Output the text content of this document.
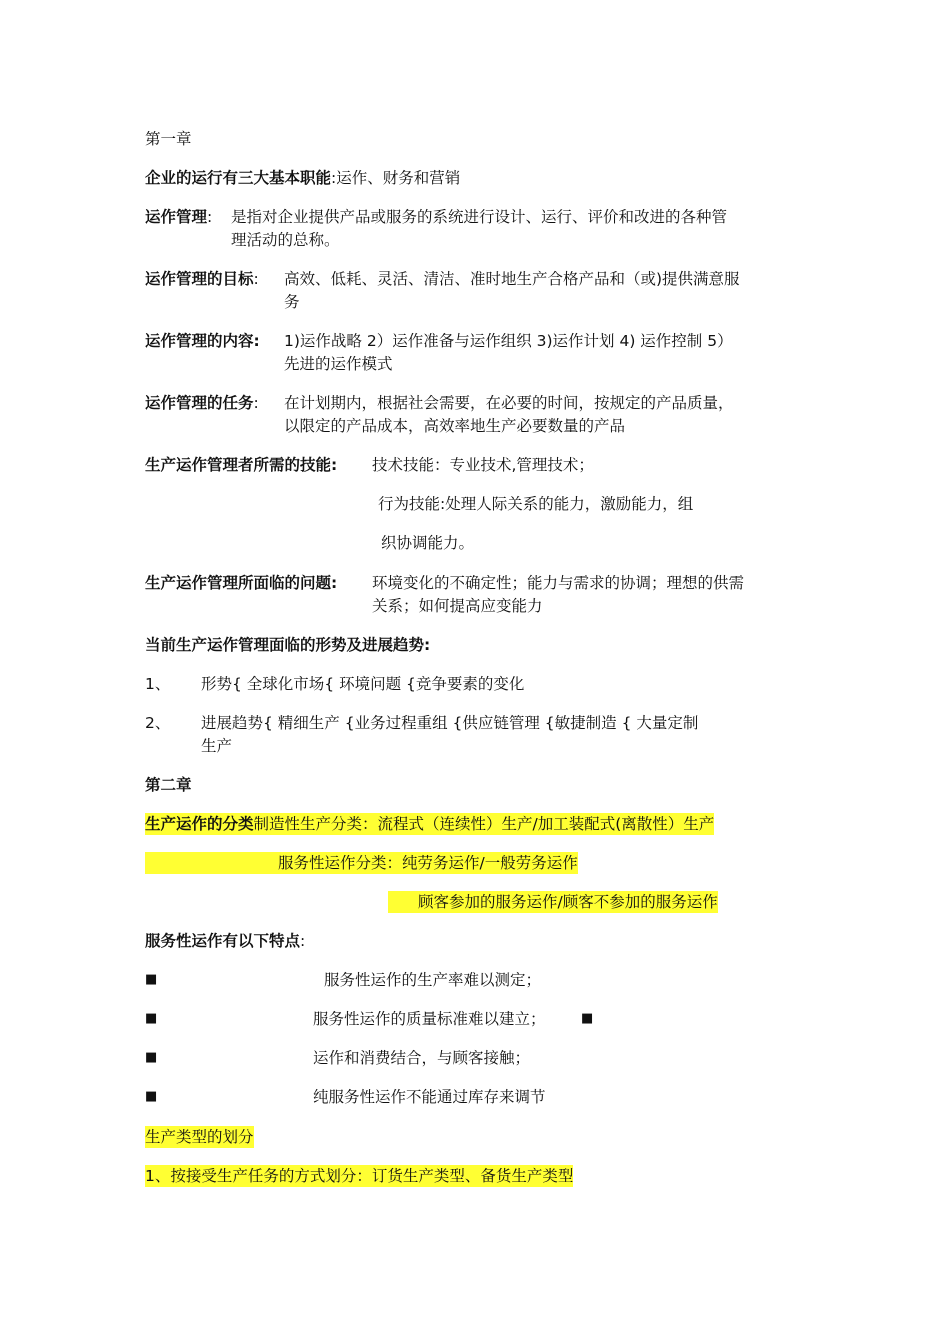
第一章
企业的运行有三大基本职能:运作、财务和营销
运作管理: 是指对企业提供产品或服务的系统进行设计、运行、评价和改进的各种管
理活动的总称。
运作管理的目标: 高效、低耗、灵活、清洁、准时地生产合格产品和（或)提供满意服
务
运作管理的内容: 1)运作战略 2）运作准备与运作组织 3)运作计划 4) 运作控制 5）
先进的运作模式
运作管理的任务: 在计划期内，根据社会需要，在必要的时间，按规定的产品质量，
以限定的产品成本，高效率地生产必要数量的产品
生产运作管理者所需的技能: 技术技能：专业技术,管理技术；
行为技能:处理人际关系的能力，激励能力，组
织协调能力。
生产运作管理所面临的问题: 环境变化的不确定性；能力与需求的协调；理想的供需
关系；如何提高应变能力
当前生产运作管理面临的形势及进展趋势:
1、 形势{ 全球化市场{ 环境问题 {竞争要素的变化
2、 进展趋势{ 精细生产 {业务过程重组 {供应链管理 {敏捷制造 { 大量定制
生产
第二章
生产运作的分类制造性生产分类：流程式（连续性）生产/加工装配式(离散性）生产
服务性运作分类：纯劳务运作/一般劳务运作
顾客参加的服务运作/顾客不参加的服务运作
服务性运作有以下特点:
■	服务性运作的生产率难以测定；
■	服务性运作的质量标准难以建立；	■
■	运作和消费结合，与顾客接触；
■	纯服务性运作不能通过库存来调节
生产类型的划分
1、按接受生产任务的方式划分：订货生产类型、备货生产类型
